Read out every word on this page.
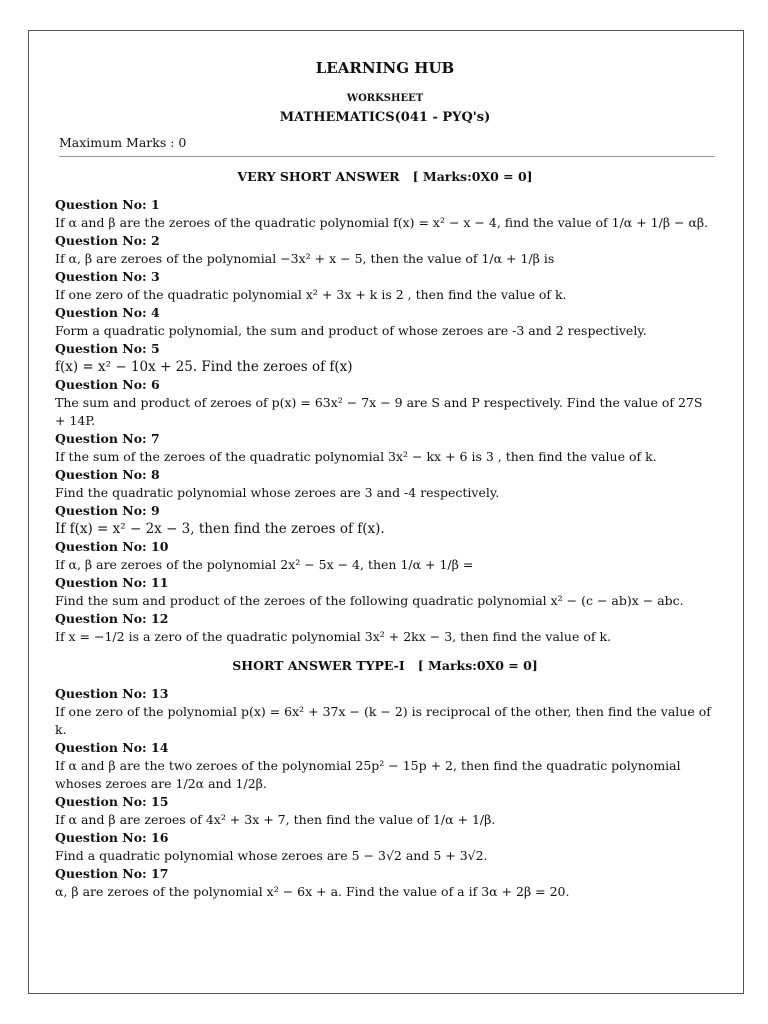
LEARNING HUB
WORKSHEET
MATHEMATICS(041 - PYQ's)
Maximum Marks : 0
VERY SHORT ANSWER   [ Marks:0X0 = 0]
Question No: 1
If α and β are the zeroes of the quadratic polynomial f(x) = x² − x − 4, find the value of 1/α + 1/β − αβ.
Question No: 2
If α, β are zeroes of the polynomial −3x² + x − 5, then the value of 1/α + 1/β is
Question No: 3
If one zero of the quadratic polynomial x² + 3x + k is 2 , then find the value of k.
Question No: 4
Form a quadratic polynomial, the sum and product of whose zeroes are -3 and 2 respectively.
Question No: 5
f(x) = x² − 10x + 25. Find the zeroes of f(x)
Question No: 6
The sum and product of zeroes of p(x) = 63x² − 7x − 9 are S and P respectively. Find the value of 27S + 14P.
Question No: 7
If the sum of the zeroes of the quadratic polynomial 3x² − kx + 6 is 3 , then find the value of k.
Question No: 8
Find the quadratic polynomial whose zeroes are 3 and -4 respectively.
Question No: 9
If f(x) = x² − 2x − 3, then find the zeroes of f(x).
Question No: 10
If α, β are zeroes of the polynomial 2x² − 5x − 4, then 1/α + 1/β =
Question No: 11
Find the sum and product of the zeroes of the following quadratic polynomial x² − (c − ab)x − abc.
Question No: 12
If x = −1/2 is a zero of the quadratic polynomial 3x² + 2kx − 3, then find the value of k.
SHORT ANSWER TYPE-I   [ Marks:0X0 = 0]
Question No: 13
If one zero of the polynomial p(x) = 6x² + 37x − (k − 2) is reciprocal of the other, then find the value of k.
Question No: 14
If α and β are the two zeroes of the polynomial 25p² − 15p + 2, then find the quadratic polynomial whoses zeroes are 1/2α and 1/2β.
Question No: 15
If α and β are zeroes of 4x² + 3x + 7, then find the value of 1/α + 1/β.
Question No: 16
Find a quadratic polynomial whose zeroes are 5 − 3√2 and 5 + 3√2.
Question No: 17
α, β are zeroes of the polynomial x² − 6x + a. Find the value of a if 3α + 2β = 20.
